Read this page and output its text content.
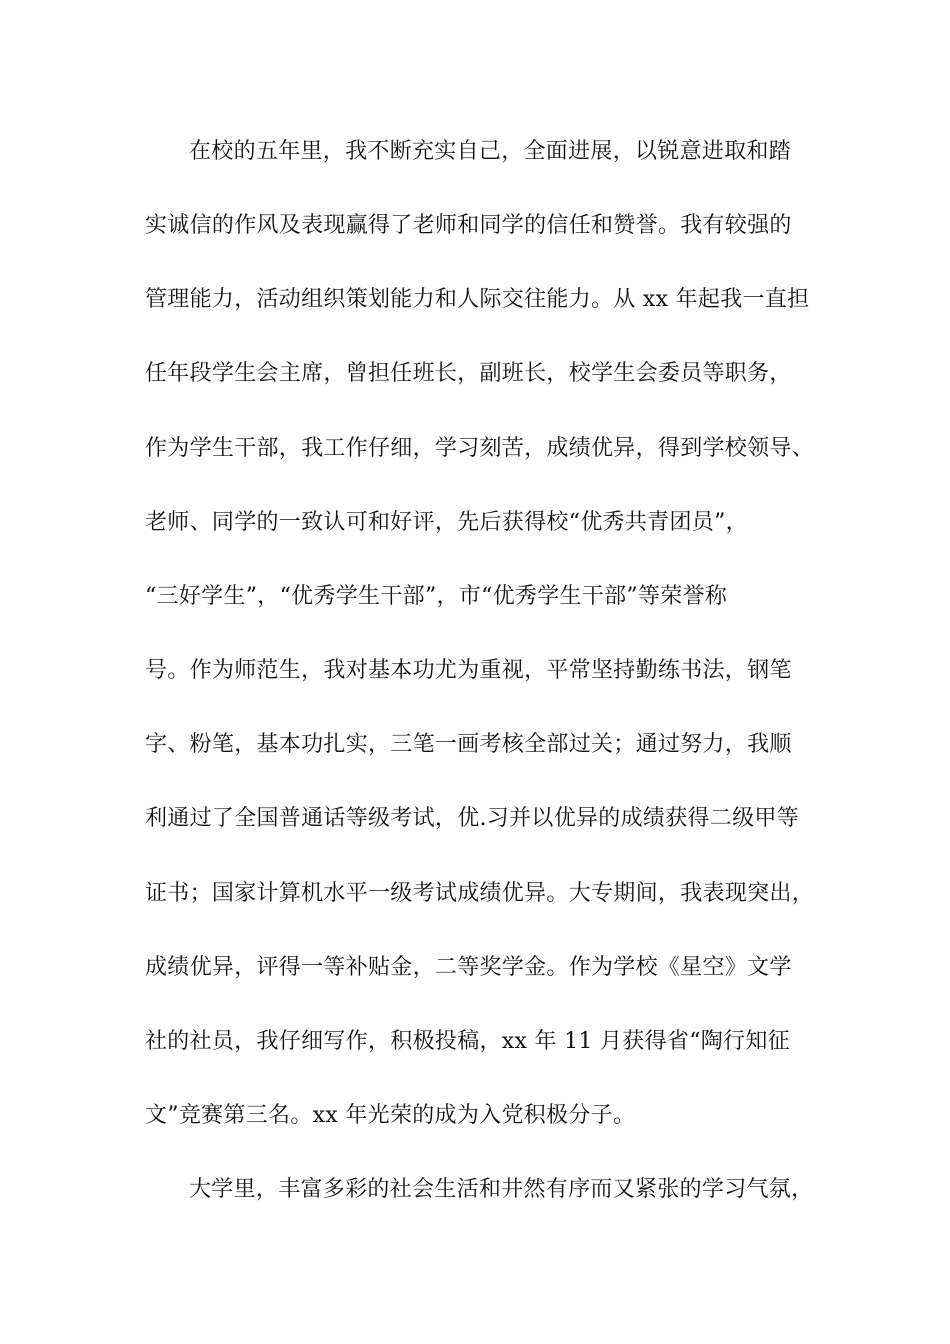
在校的五年里，我不断充实自己，全面进展，以锐意进取和踏
实诚信的作风及表现赢得了老师和同学的信任和赞誉。我有较强的
管理能力，活动组织策划能力和人际交往能力。从 xx 年起我一直担
任年段学生会主席，曾担任班长，副班长，校学生会委员等职务，
作为学生干部，我工作仔细，学习刻苦，成绩优异，得到学校领导、
老师、同学的一致认可和好评，先后获得校“优秀共青团员”，
“三好学生”，“优秀学生干部”，市“优秀学生干部”等荣誉称
号。作为师范生，我对基本功尤为重视，平常坚持勤练书法，钢笔
字、粉笔，基本功扎实，三笔一画考核全部过关；通过努力，我顺
利通过了全国普通话等级考试，优.习并以优异的成绩获得二级甲等
证书；国家计算机水平一级考试成绩优异。大专期间，我表现突出，
成绩优异，评得一等补贴金，二等奖学金。作为学校《星空》文学
社的社员，我仔细写作，积极投稿，xx 年 11 月获得省“陶行知征
文”竞赛第三名。xx 年光荣的成为入党积极分子。
大学里，丰富多彩的社会生活和井然有序而又紧张的学习气氛，
